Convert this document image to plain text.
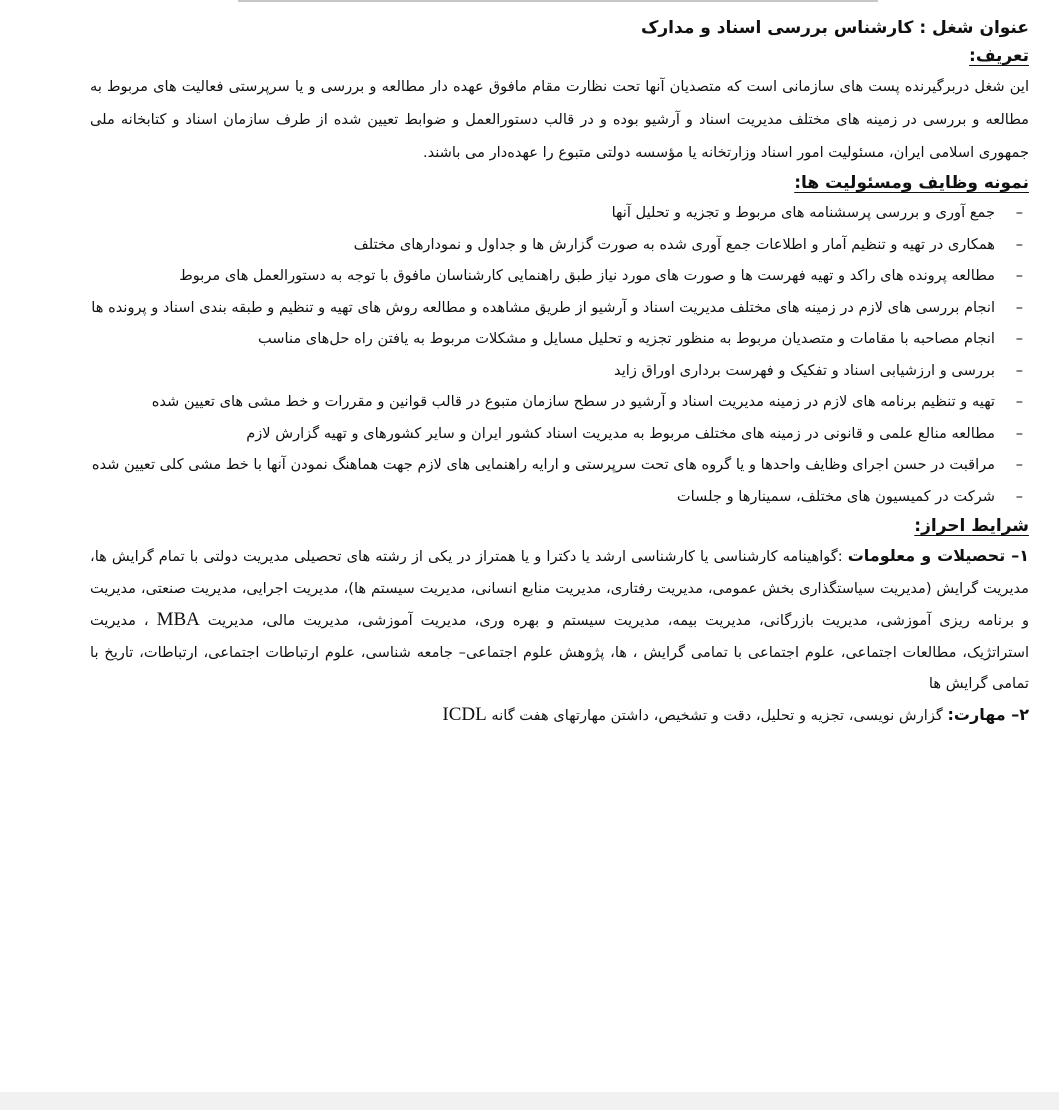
عنوان شغل : کارشناس بررسی اسناد و مدارک
تعریف:

این شغل دربرگیرنده پست های سازمانی است که متصدیان آنها تحت نظارت مقام مافوق عهده دار مطالعه و بررسی و یا سرپرستی فعالیت های مربوط به مطالعه و بررسی در زمینه های مختلف مدیریت اسناد و آرشیو بوده و در قالب دستورالعمل و ضوابط تعیین شده از طرف سازمان اسناد و کتابخانه ملی جمهوری اسلامی ایران، مسئولیت امور اسناد وزارتخانه یا مؤسسه دولتی متبوع را عهده‌دار می باشند.

نمونه وظایف ومسئولیت ها:
–
جمع آوری و بررسی پرسشنامه های مربوط و تجزیه و تحلیل آنها
–
همکاری در تهیه و تنظیم آمار و اطلاعات جمع آوری شده به صورت گزارش ها و جداول و نمودارهای مختلف
–
مطالعه پرونده های راکد و تهیه فهرست ها و صورت های مورد نیاز طبق راهنمایی کارشناسان مافوق با توجه به دستورالعمل های مربوط
–
انجام بررسی های لازم در زمینه های مختلف مدیریت اسناد و آرشیو از طریق مشاهده و مطالعه روش های تهیه و تنظیم و طبقه بندی اسناد و پرونده ها
–
انجام مصاحبه با مقامات و متصدیان مربوط به منظور تجزیه و تحلیل مسایل و مشکلات مربوط به یافتن راه حل‌های مناسب
–
بررسی و ارزشیابی اسناد و تفکیک و فهرست برداری اوراق زاید
–
تهیه و تنظیم برنامه های لازم در زمینه مدیریت اسناد و آرشیو در سطح سازمان متبوع در قالب قوانین و مقررات و خط مشی های تعیین شده
–
مطالعه منالع علمی و قانونی در زمینه های مختلف مربوط به مدیریت اسناد کشور ایران و سایر کشورهای و تهیه گزارش لازم
–
مراقبت در حسن اجرای وظایف واحدها و یا گروه های تحت سرپرستی و ارایه راهنمایی های لازم جهت هماهنگ نمودن آنها با خط مشی کلی تعیین شده
–
شرکت در کمیسیون های مختلف، سمینارها و جلسات
شرایط احراز:

۱– تحصیلات و معلومات :گواهینامه کارشناسی یا کارشناسی ارشد یا دکترا و یا همتراز در یکی از رشته های تحصیلی مدیریت دولتی با تمام گرایش ها، مدیریت گرایش (مدیریت سیاستگذاری بخش عمومی، مدیریت رفتاری، مدیریت منابع انسانی، مدیریت سیستم ها)، مدیریت اجرایی، مدیریت صنعتی، مدیریت و برنامه ریزی آموزشی، مدیریت بازرگانی، مدیریت بیمه، مدیریت سیستم و بهره وری، مدیریت آموزشی، مدیریت مالی، مدیریت MBA ، مدیریت استراتژیک، مطالعات اجتماعی، علوم اجتماعی با تمامی گرایش ، ها، پژوهش علوم اجتماعی– جامعه شناسی، علوم ارتباطات اجتماعی، ارتباطات، تاریخ با تمامی گرایش ها

۲– مهارت: گزارش نویسی، تجزیه و تحلیل، دقت و تشخیص، داشتن مهارتهای هفت گانه ICDL
